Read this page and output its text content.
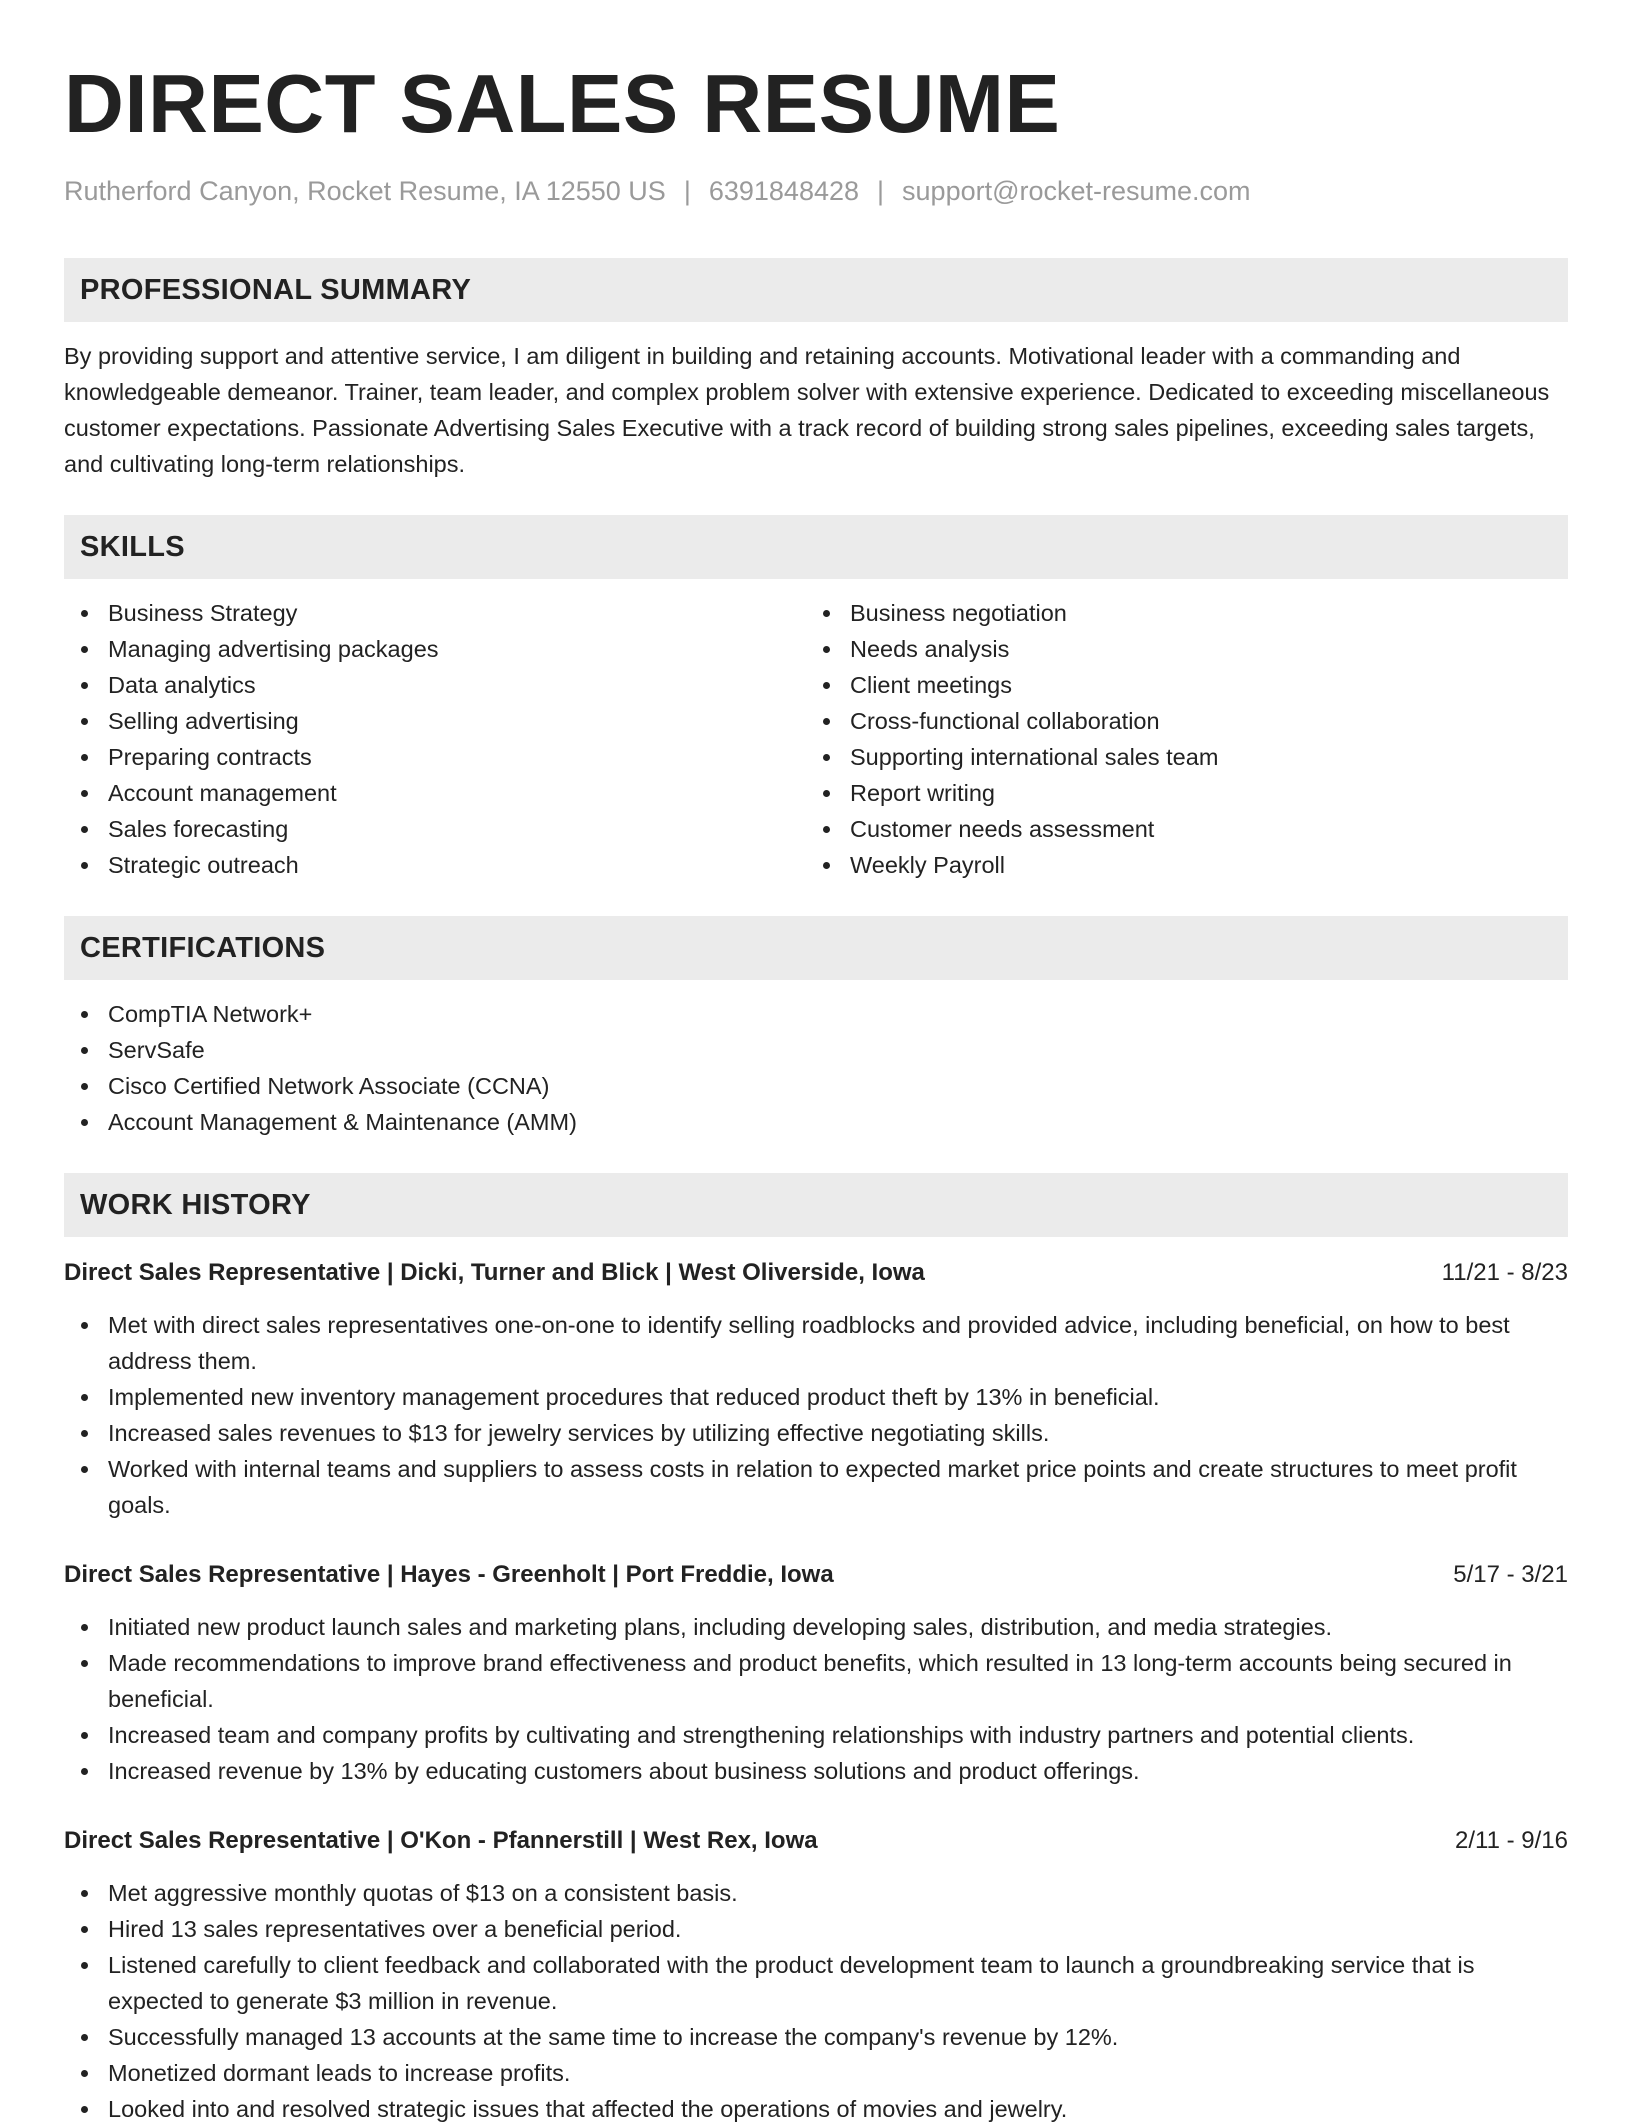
DIRECT SALES RESUME
Rutherford Canyon, Rocket Resume, IA 12550 US | 6391848428 | support@rocket-resume.com
PROFESSIONAL SUMMARY

By providing support and attentive service, I am diligent in building and retaining accounts. Motivational leader with a commanding and knowledgeable demeanor. Trainer, team leader, and complex problem solver with extensive experience. Dedicated to exceeding miscellaneous customer expectations. Passionate Advertising Sales Executive with a track record of building strong sales pipelines, exceeding sales targets, and cultivating long-term relationships.

SKILLS
Business Strategy
Managing advertising packages
Data analytics
Selling advertising
Preparing contracts
Account management
Sales forecasting
Strategic outreach
Business negotiation
Needs analysis
Client meetings
Cross-functional collaboration
Supporting international sales team
Report writing
Customer needs assessment
Weekly Payroll
CERTIFICATIONS
CompTIA Network+
ServSafe
Cisco Certified Network Associate (CCNA)
Account Management & Maintenance (AMM)
WORK HISTORY
Direct Sales Representative | Dicki, Turner and Blick | West Oliverside, Iowa	11/21 - 8/23
Met with direct sales representatives one-on-one to identify selling roadblocks and provided advice, including beneficial, on how to best address them.
Implemented new inventory management procedures that reduced product theft by 13% in beneficial.
Increased sales revenues to $13 for jewelry services by utilizing effective negotiating skills.
Worked with internal teams and suppliers to assess costs in relation to expected market price points and create structures to meet profit goals.
Direct Sales Representative | Hayes - Greenholt | Port Freddie, Iowa	5/17 - 3/21
Initiated new product launch sales and marketing plans, including developing sales, distribution, and media strategies.
Made recommendations to improve brand effectiveness and product benefits, which resulted in 13 long-term accounts being secured in beneficial.
Increased team and company profits by cultivating and strengthening relationships with industry partners and potential clients.
Increased revenue by 13% by educating customers about business solutions and product offerings.
Direct Sales Representative | O'Kon - Pfannerstill | West Rex, Iowa	2/11 - 9/16
Met aggressive monthly quotas of $13 on a consistent basis.
Hired 13 sales representatives over a beneficial period.
Listened carefully to client feedback and collaborated with the product development team to launch a groundbreaking service that is expected to generate $3 million in revenue.
Successfully managed 13 accounts at the same time to increase the company's revenue by 12%.
Monetized dormant leads to increase profits.
Looked into and resolved strategic issues that affected the operations of movies and jewelry.
